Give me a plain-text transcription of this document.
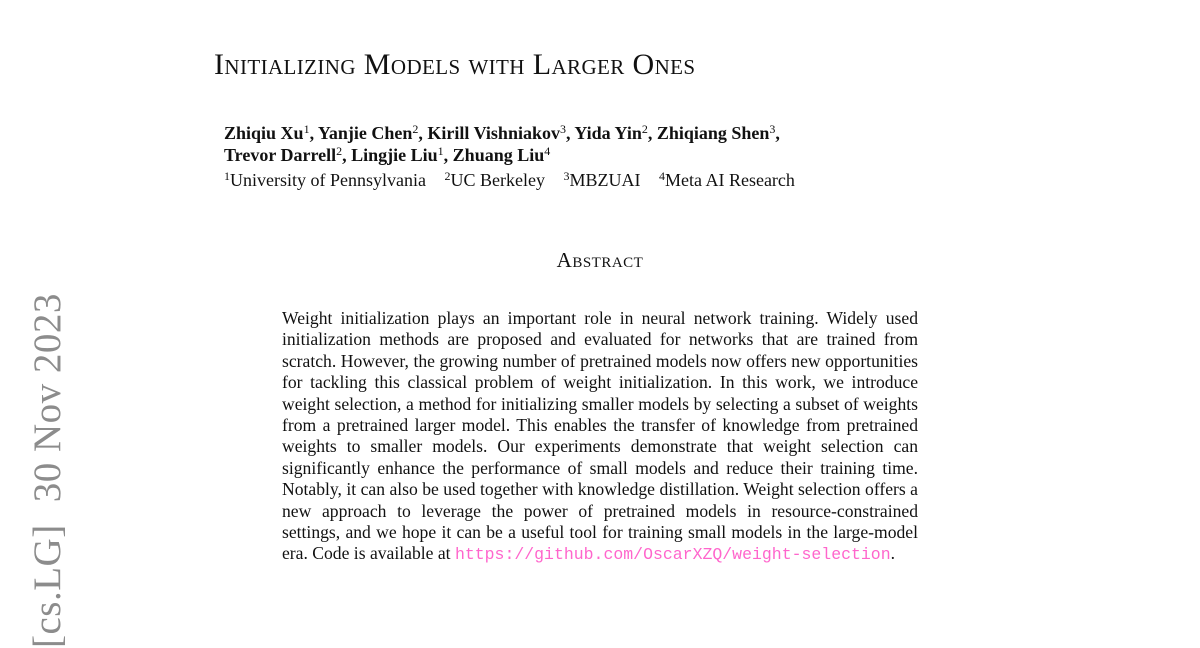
[cs.LG]30 Nov 2023
Initializing Models with Larger Ones
Zhiqiu Xu$^1$, Yanjie Chen$^2$, Kirill Vishniakov$^3$, Yida Yin$^2$, Zhiqiang Shen$^3$,
Trevor Darrell$^2$, Lingjie Liu$^1$, Zhuang Liu$^4$
$^1$University of Pennsylvania $^2$UC Berkeley $^3$MBZUAI $^4$Meta AI Research
Abstract

Weight initialization plays an important role in neural network training. Widely used initialization methods are proposed and evaluated for networks that are trained from scratch. However, the growing number of pretrained models now offers new opportunities for tackling this classical problem of weight initialization. In this work, we introduce weight selection, a method for initializing smaller models by selecting a subset of weights from a pretrained larger model. This enables the transfer of knowledge from pretrained weights to smaller models. Our experiments demonstrate that weight selection can significantly enhance the performance of small models and reduce their training time. Notably, it can also be used together with knowledge distillation. Weight selection offers a new approach to leverage the power of pretrained models in resource-constrained settings, and we hope it can be a useful tool for training small models in the large-model era. Code is available at https://github.com/OscarXZQ/weight-selection.
